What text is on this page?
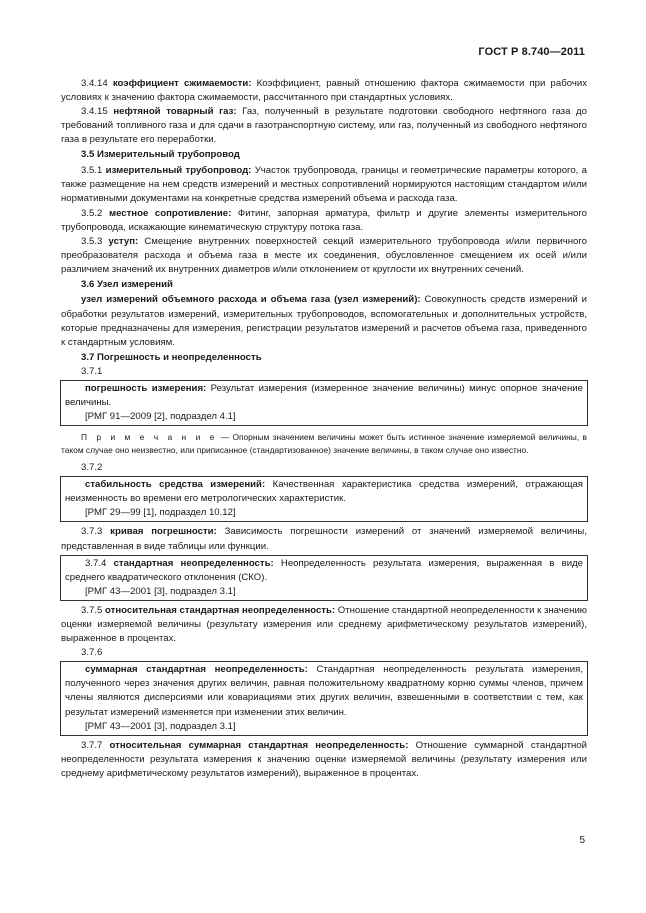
ГОСТ Р 8.740—2011

3.4.14 коэффициент сжимаемости: Коэффициент, равный отношению фактора сжимаемости при рабочих условиях к значению фактора сжимаемости, рассчитанного при стандартных условиях.

3.4.15 нефтяной товарный газ: Газ, полученный в результате подготовки свободного нефтяного газа до требований топливного газа и для сдачи в газотранспортную систему, или газ, полученный из свободного нефтяного газа в результате его переработки.

3.5 Измерительный трубопровод

3.5.1 измерительный трубопровод: Участок трубопровода, границы и геометрические параметры которого, а также размещение на нем средств измерений и местных сопротивлений нормируются настоящим стандартом и/или нормативными документами на конкретные средства измерений объема и расхода газа.

3.5.2 местное сопротивление: Фитинг, запорная арматура, фильтр и другие элементы измерительного трубопровода, искажающие кинематическую структуру потока газа.

3.5.3 уступ: Смещение внутренних поверхностей секций измерительного трубопровода и/или первичного преобразователя расхода и объема газа в месте их соединения, обусловленное смещением их осей и/или различием значений их внутренних диаметров и/или отклонением от круглости их внутренних сечений.

3.6 Узел измерений

узел измерений объемного расхода и объема газа (узел измерений): Совокупность средств измерений и обработки результатов измерений, измерительных трубопроводов, вспомогательных и дополнительных устройств, которые предназначены для измерения, регистрации результатов измерений и расчетов объема газа, приведенного к стандартным условиям.

3.7 Погрешность и неопределенность

3.7.1

погрешность измерения: Результат измерения (измеренное значение величины) минус опорное значение величины.

[РМГ 91—2009 [2], подраздел 4.1]

П р и м е ч а н и е — Опорным значением величины может быть истинное значение измеряемой величины, в таком случае оно неизвестно, или приписанное (стандартизованное) значение величины, в таком случае оно известно.

3.7.2

стабильность средства измерений: Качественная характеристика средства измерений, отражающая неизменность во времени его метрологических характеристик.

[РМГ 29—99 [1], подраздел 10.12]

3.7.3 кривая погрешности: Зависимость погрешности измерений от значений измеряемой величины, представленная в виде таблицы или функции.

3.7.4 стандартная неопределенность: Неопределенность результата измерения, выраженная в виде среднего квадратического отклонения (СКО).

[РМГ 43—2001 [3], подраздел 3.1]

3.7.5 относительная стандартная неопределенность: Отношение стандартной неопределенности к значению оценки измеряемой величины (результату измерения или среднему арифметическому результатов измерений), выраженное в процентах.

3.7.6

суммарная стандартная неопределенность: Стандартная неопределенность результата измерения, полученного через значения других величин, равная положительному квадратному корню суммы членов, причем члены являются дисперсиями или ковариациями этих других величин, взвешенными в соответствии с тем, как результат измерений изменяется при изменении этих величин.

[РМГ 43—2001 [3], подраздел 3.1]

3.7.7 относительная суммарная стандартная неопределенность: Отношение суммарной стандартной неопределенности результата измерения к значению оценки измеряемой величины (результату измерения или среднему арифметическому результатов измерений), выраженное в процентах.

5
